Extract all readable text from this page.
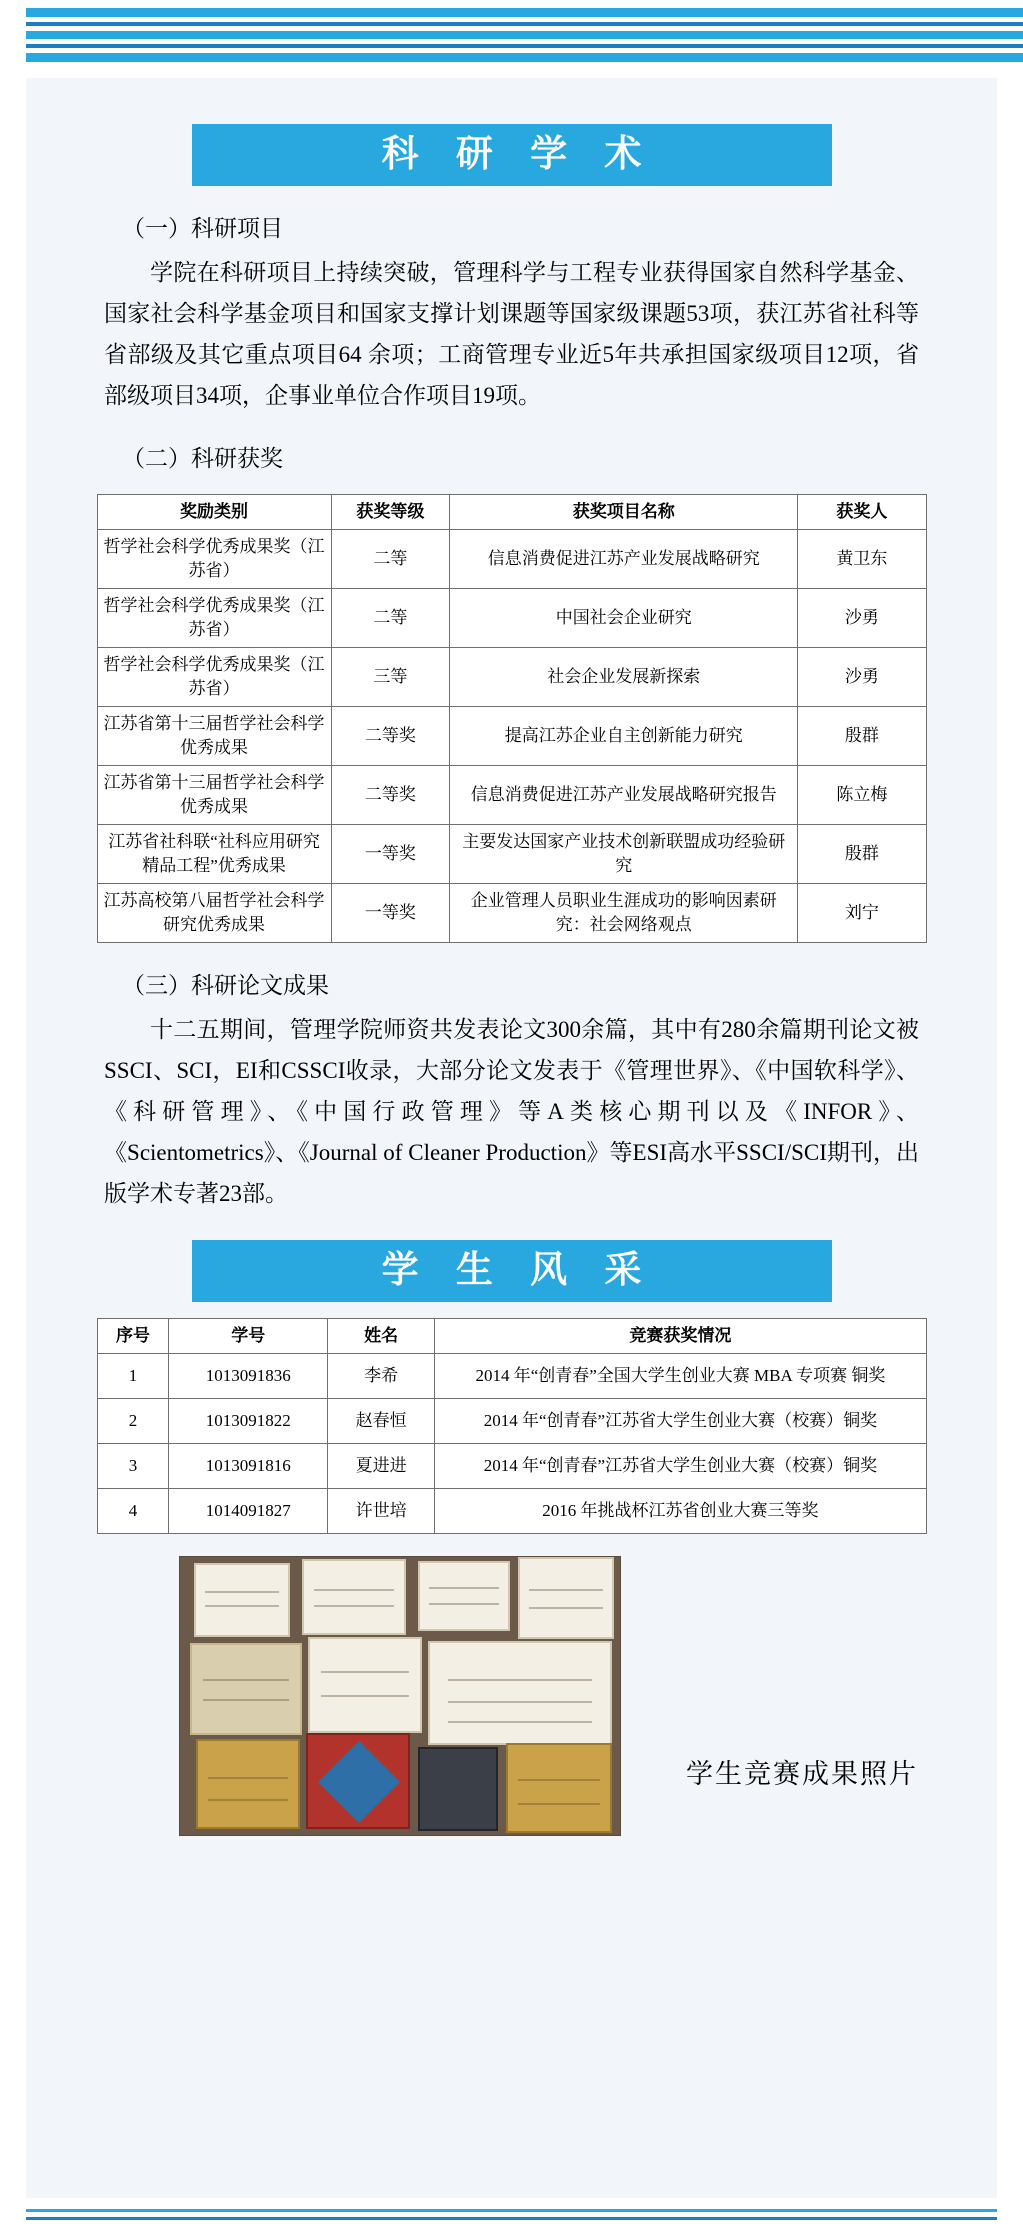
科 研 学 术
（一）科研项目

学院在科研项目上持续突破，管理科学与工程专业获得国家自然科学基金、国家社会科学基金项目和国家支撑计划课题等国家级课题53项，获江苏省社科等省部级及其它重点项目64 余项；工商管理专业近5年共承担国家级项目12项，省部级项目34项，企事业单位合作项目19项。

（二）科研获奖
奖励类别	获奖等级	获奖项目名称	获奖人
哲学社会科学优秀成果奖（江苏省）	二等	信息消费促进江苏产业发展战略研究	黄卫东
哲学社会科学优秀成果奖（江苏省）	二等	中国社会企业研究	沙勇
哲学社会科学优秀成果奖（江苏省）	三等	社会企业发展新探索	沙勇
江苏省第十三届哲学社会科学优秀成果	二等奖	提高江苏企业自主创新能力研究	殷群
江苏省第十三届哲学社会科学优秀成果	二等奖	信息消费促进江苏产业发展战略研究报告	陈立梅
江苏省社科联“社科应用研究精品工程”优秀成果	一等奖	主要发达国家产业技术创新联盟成功经验研究	殷群
江苏高校第八届哲学社会科学研究优秀成果	一等奖	企业管理人员职业生涯成功的影响因素研究：社会网络观点	刘宁
（三）科研论文成果

十二五期间，管理学院师资共发表论文300余篇，其中有280余篇期刊论文被SSCI、SCI，EI和CSSCI收录，大部分论文发表于《管理世界》、《中国软科学》、《科研管理》、《中国行政管理》等A类核心期刊以及《INFOR》、《Scientometrics》、《Journal of Cleaner Production》等ESI高水平SSCI/SCI期刊，出版学术专著23部。

学 生 风 采
序号	学号	姓名	竞赛获奖情况
1	1013091836	李希	2014 年“创青春”全国大学生创业大赛 MBA 专项赛 铜奖
2	1013091822	赵春恒	2014 年“创青春”江苏省大学生创业大赛（校赛）铜奖
3	1013091816	夏进进	2014 年“创青春”江苏省大学生创业大赛（校赛）铜奖
4	1014091827	许世培	2016 年挑战杯江苏省创业大赛三等奖
学生竞赛成果照片
